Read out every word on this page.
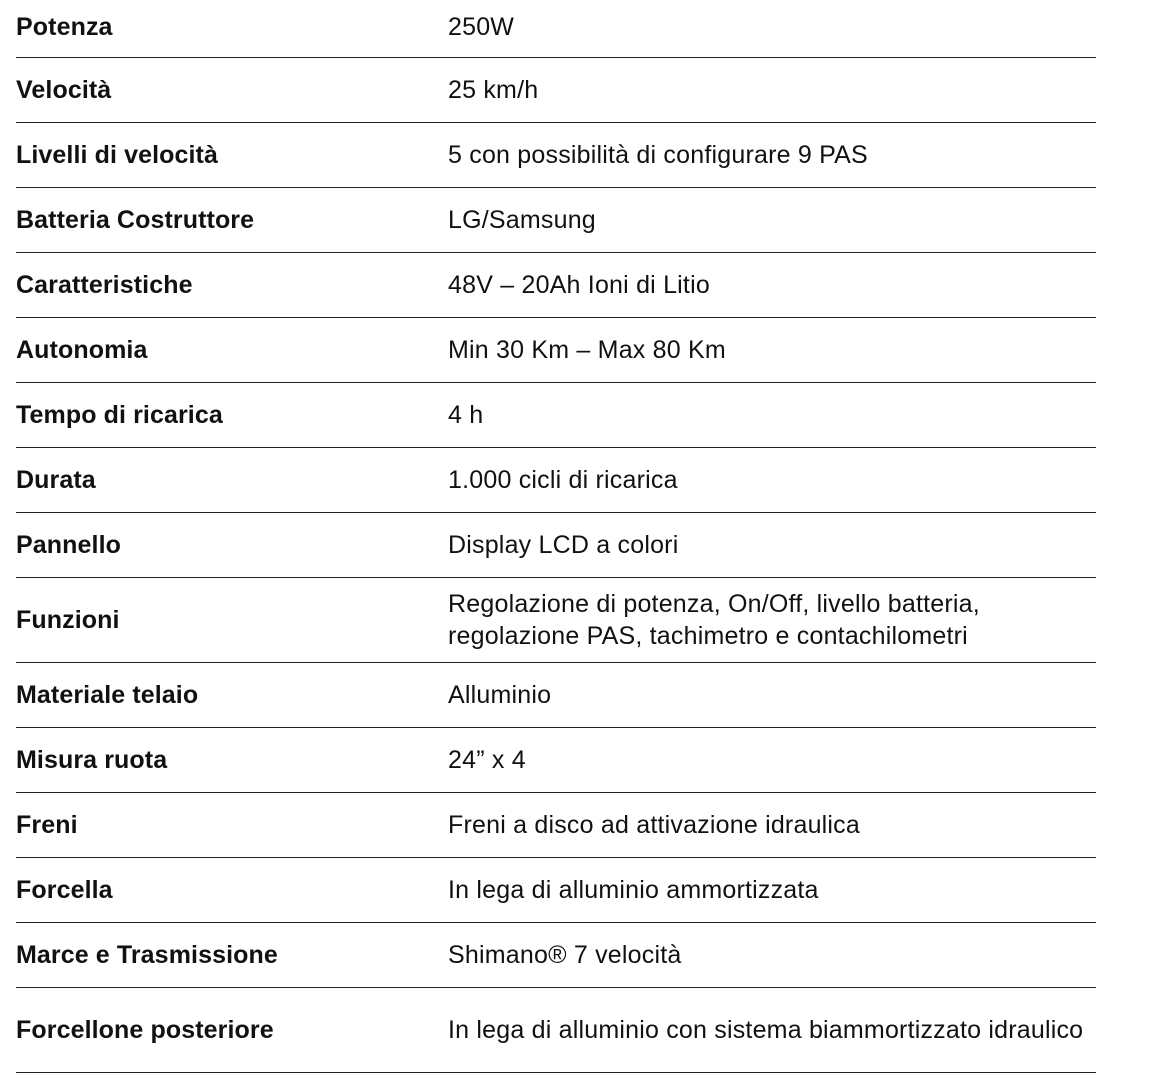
Potenza	250W
Velocità	25 km/h
Livelli di velocità	5 con possibilità di configurare 9 PAS
Batteria Costruttore	LG/Samsung
Caratteristiche	48V – 20Ah Ioni di Litio
Autonomia	Min 30 Km – Max 80 Km
Tempo di ricarica	4 h
Durata	1.000 cicli di ricarica
Pannello	Display LCD a colori
Funzioni	Regolazione di potenza, On/Off, livello batteria, regolazione PAS, tachimetro e contachilometri
Materiale telaio	Alluminio
Misura ruota	24” x 4
Freni	Freni a disco ad attivazione idraulica
Forcella	In lega di alluminio ammortizzata
Marce e Trasmissione	Shimano® 7 velocità
Forcellone posteriore	In lega di alluminio con sistema biammortizzato idraulico
